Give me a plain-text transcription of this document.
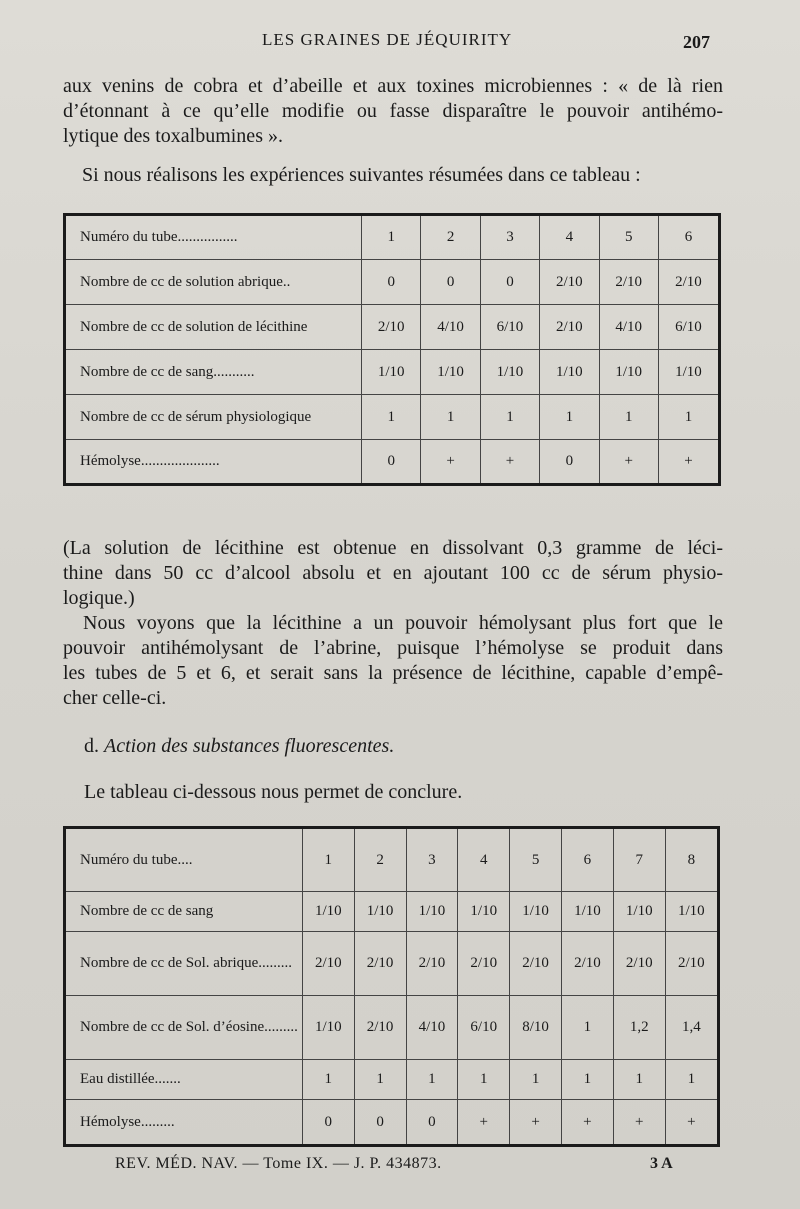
LES GRAINES DE JÉQUIRITY	207

aux venins de cobra et d’abeille et aux toxines microbiennes : « de là rien
d’étonnant à ce qu’elle modifie ou fasse disparaître le pouvoir antihémo-
lytique des toxalbumines ».

Si nous réalisons les expériences suivantes résumées dans ce tableau :

Numéro du tube................	1	2	3	4	5	6
Nombre de cc de solution abrique..	0	0	0	2/10	2/10	2/10
Nombre de cc de solution de lécithine	2/10	4/10	6/10	2/10	4/10	6/10
Nombre de cc de sang...........	1/10	1/10	1/10	1/10	1/10	1/10
Nombre de cc de sérum physiologique	1	1	1	1	1	1
Hémolyse.....................	0	+	+	0	+	+

(La solution de lécithine est obtenue en dissolvant 0,3 gramme de léci-
thine dans 50 cc d’alcool absolu et en ajoutant 100 cc de sérum physio-
logique.)

Nous voyons que la lécithine a un pouvoir hémolysant plus fort que le
pouvoir antihémolysant de l’abrine, puisque l’hémolyse se produit dans
les tubes de 5 et 6, et serait sans la présence de lécithine, capable d’empê-
cher celle-ci.

d. Action des substances fluorescentes.

Le tableau ci-dessous nous permet de conclure.

Numéro du tube....	1	2	3	4	5	6	7	8
Nombre de cc de sang	1/10	1/10	1/10	1/10	1/10	1/10	1/10	1/10
Nombre de cc de Sol. abrique.........	2/10	2/10	2/10	2/10	2/10	2/10	2/10	2/10
Nombre de cc de Sol. d’éosine.........	1/10	2/10	4/10	6/10	8/10	1	1,2	1,4
Eau distillée.......	1	1	1	1	1	1	1	1
Hémolyse.........	0	0	0	+	+	+	+	+
REV. MÉD. NAV. — Tome IX. — J. P. 434873.	3 A
